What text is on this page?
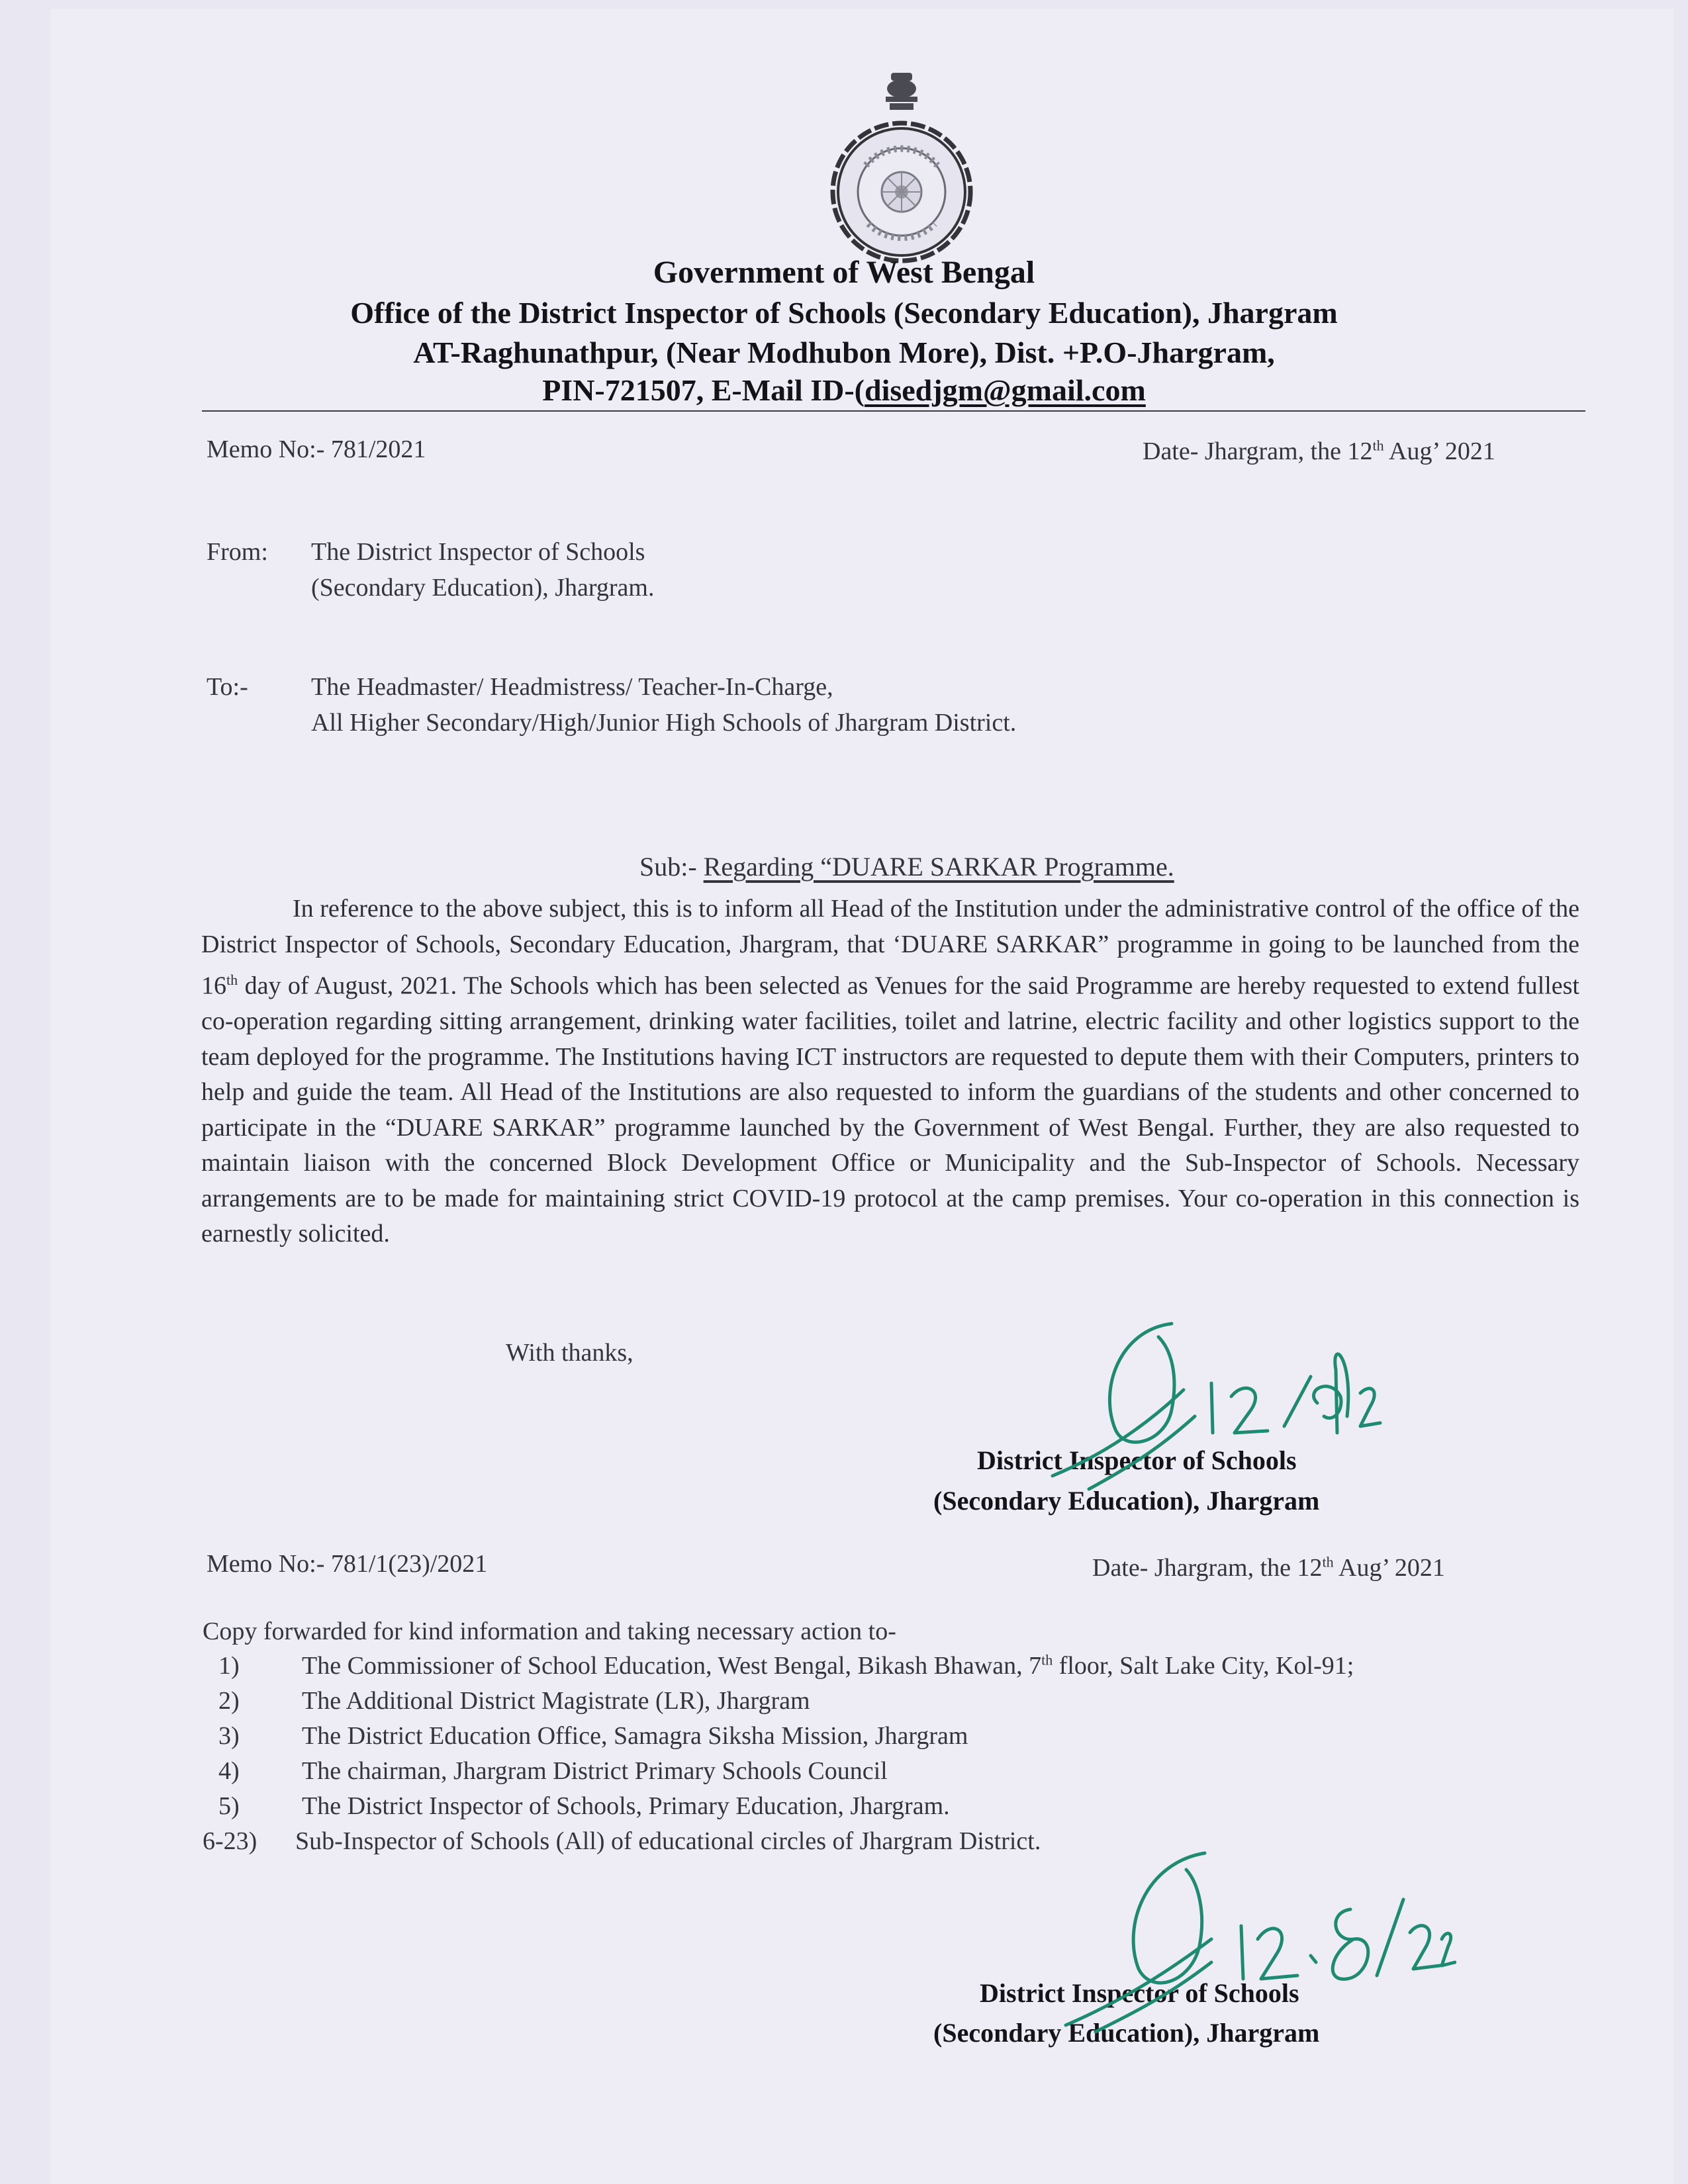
Government of West Bengal
Office of the District Inspector of Schools (Secondary Education), Jhargram
AT-Raghunathpur, (Near Modhubon More), Dist. +P.O-Jhargram,
PIN-721507, E-Mail ID-(disedjgm@gmail.com
Memo No:- 781/2021	Date- Jhargram, the 12th Aug’ 2021
From: The District Inspector of Schools
(Secondary Education), Jhargram.
To:-	The Headmaster/ Headmistress/ Teacher-In-Charge,
All Higher Secondary/High/Junior High Schools of Jhargram District.
Sub:- Regarding “DUARE SARKAR Programme.
In reference to the above subject, this is to inform all Head of the Institution under the administrative control of the office of the District Inspector of Schools, Secondary Education, Jhargram, that ‘DUARE SARKAR” programme in going to be launched from the 16th day of August, 2021. The Schools which has been selected as Venues for the said Programme are hereby requested to extend fullest co-operation regarding sitting arrangement, drinking water facilities, toilet and latrine, electric facility and other logistics support to the team deployed for the programme. The Institutions having ICT instructors are requested to depute them with their Computers, printers to help and guide the team. All Head of the Institutions are also requested to inform the guardians of the students and other concerned to participate in the “DUARE SARKAR” programme launched by the Government of West Bengal. Further, they are also requested to maintain liaison with the concerned Block Development Office or Municipality and the Sub-Inspector of Schools. Necessary arrangements are to be made for maintaining strict COVID-19 protocol at the camp premises. Your co-operation in this connection is earnestly solicited.
With thanks,
District Inspector of Schools
(Secondary Education), Jhargram
Memo No:- 781/1(23)/2021	Date- Jhargram, the 12th Aug’ 2021
Copy forwarded for kind information and taking necessary action to-
1) The Commissioner of School Education, West Bengal, Bikash Bhawan, 7th floor, Salt Lake City, Kol-91;
2) The Additional District Magistrate (LR), Jhargram
3) The District Education Office, Samagra Siksha Mission, Jhargram
4) The chairman, Jhargram District Primary Schools Council
5) The District Inspector of Schools, Primary Education, Jhargram.
6-23) Sub-Inspector of Schools (All) of educational circles of Jhargram District.
District Inspector of Schools
(Secondary Education), Jhargram
